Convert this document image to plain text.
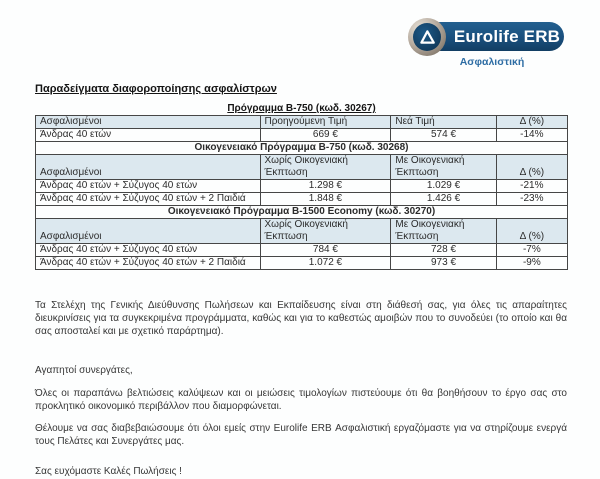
Eurolife ERB
Ασφαλιστική
Παραδείγματα διαφοροποίησης ασφαλίστρων
Πρόγραμμα Β-750 (κωδ. 30267)
Ασφαλισμένοι	Προηγούμενη Τιμή	Νεά Τιμή	Δ (%)
Άνδρας 40 ετών	669 €	574 €	-14%
Οικογενειακό Πρόγραμμα Β-750 (κωδ. 30268)			
Ασφαλισμένοι	Χωρίς Οικογενιακή Έκπτωση	Με Οικογενιακή Έκπτωση	Δ (%)
Άνδρας 40 ετών + Σύζυγος 40 ετών	1.298 €	1.029 €	-21%
Άνδρας 40 ετών + Σύζυγος 40 ετών + 2 Παιδιά	1.848 €	1.426 €	-23%
Οικογενειακό Πρόγραμμα Β-1500 Economy (κωδ. 30270)			
Ασφαλισμένοι	Χωρίς Οικογενιακή Έκπτωση	Με Οικογενιακή Έκπτωση	Δ (%)
Άνδρας 40 ετών + Σύζυγος 40 ετών	784 €	728 €	-7%
Άνδρας 40 ετών + Σύζυγος 40 ετών + 2 Παιδιά	1.072 €	973 €	-9%

Τα Στελέχη της Γενικής Διεύθυνσης Πωλήσεων και Εκπαίδευσης είναι στη διάθεσή σας, για όλες τις απαραίτητες διευκρινίσεις για τα συγκεκριμένα προγράμματα, καθώς και για το καθεστώς αμοιβών που το συνοδεύει (το οποίο και θα σας αποσταλεί και με σχετικό παράρτημα).

Αγαπητοί συνεργάτες,

Όλες οι παραπάνω βελτιώσεις καλύψεων και οι μειώσεις τιμολογίων πιστεύουμε ότι θα βοηθήσουν το έργο σας στο προκλητικό οικονομικό περιβάλλον που διαμορφώνεται.

Θέλουμε να σας διαβεβαιώσουμε ότι όλοι εμείς στην Eurolife ERB Ασφαλιστική εργαζόμαστε για να στηρίζουμε ενεργά τους Πελάτες και Συνεργάτες μας.

Σας ευχόμαστε Καλές Πωλήσεις !
